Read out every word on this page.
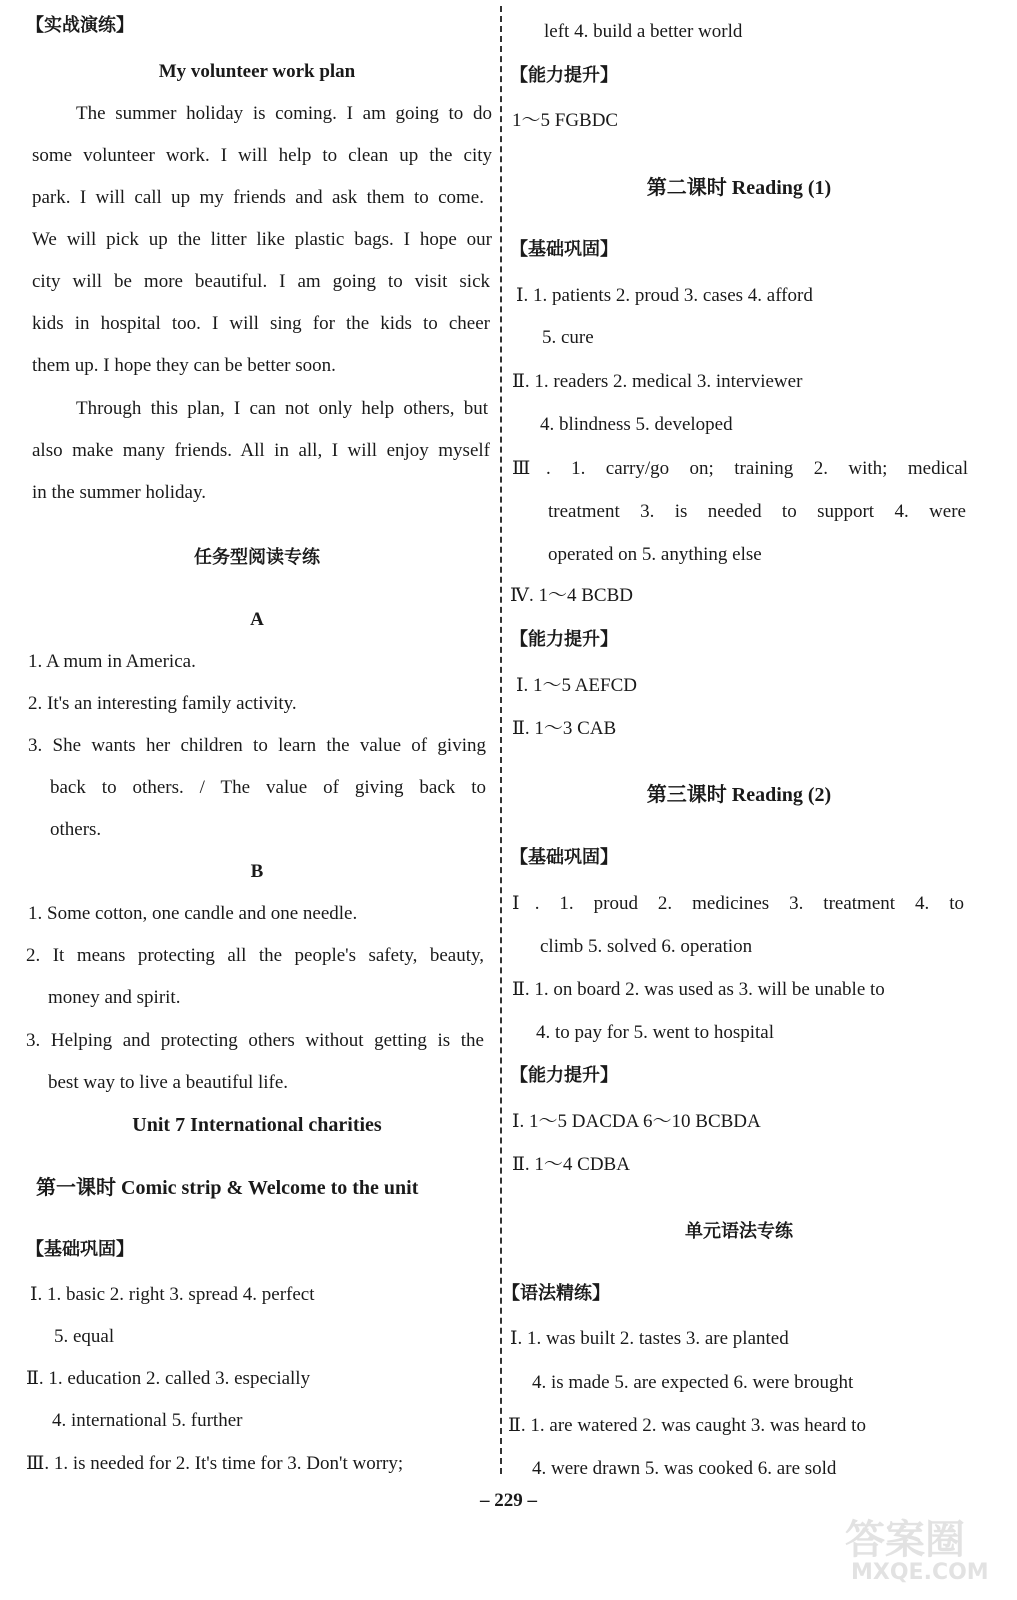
【实战演练】
My volunteer work plan
The summer holiday is coming. I am going to do
some volunteer work. I will help to clean up the city
park. I will call up my friends and ask them to come.
We will pick up the litter like plastic bags. I hope our
city will be more beautiful. I am going to visit sick
kids in hospital too. I will sing for the kids to cheer
them up. I hope they can be better soon.
Through this plan, I can not only help others, but
also make many friends. All in all, I will enjoy myself
in the summer holiday.
任务型阅读专练
A
1. A mum in America.
2. It's an interesting family activity.
3. She wants her children to learn the value of giving
back to others. / The value of giving back to
others.
B
1. Some cotton, one candle and one needle.
2. It means protecting all the people's safety, beauty,
money and spirit.
3. Helping and protecting others without getting is the
best way to live a beautiful life.
Unit 7 International charities
第一课时 Comic strip & Welcome to the unit
【基础巩固】
Ⅰ. 1. basic 2. right 3. spread 4. perfect
5. equal
Ⅱ. 1. education 2. called 3. especially
4. international 5. further
Ⅲ. 1. is needed for 2. It's time for 3. Don't worry;
left 4. build a better world
【能力提升】
1～5 FGBDC
第二课时 Reading (1)
【基础巩固】
Ⅰ. 1. patients 2. proud 3. cases 4. afford
5. cure
Ⅱ. 1. readers 2. medical 3. interviewer
4. blindness 5. developed
Ⅲ. 1. carry/go on; training 2. with; medical
treatment 3. is needed to support 4. were
operated on 5. anything else
Ⅳ. 1～4 BCBD
【能力提升】
Ⅰ. 1～5 AEFCD
Ⅱ. 1～3 CAB
第三课时 Reading (2)
【基础巩固】
Ⅰ. 1. proud 2. medicines 3. treatment 4. to
climb 5. solved 6. operation
Ⅱ. 1. on board 2. was used as 3. will be unable to
4. to pay for 5. went to hospital
【能力提升】
Ⅰ. 1～5 DACDA 6～10 BCBDA
Ⅱ. 1～4 CDBA
单元语法专练
【语法精练】
Ⅰ. 1. was built 2. tastes 3. are planted
4. is made 5. are expected 6. were brought
Ⅱ. 1. are watered 2. was caught 3. was heard to
4. were drawn 5. was cooked 6. are sold
– 229 –
答案圈
MXQE.COM
